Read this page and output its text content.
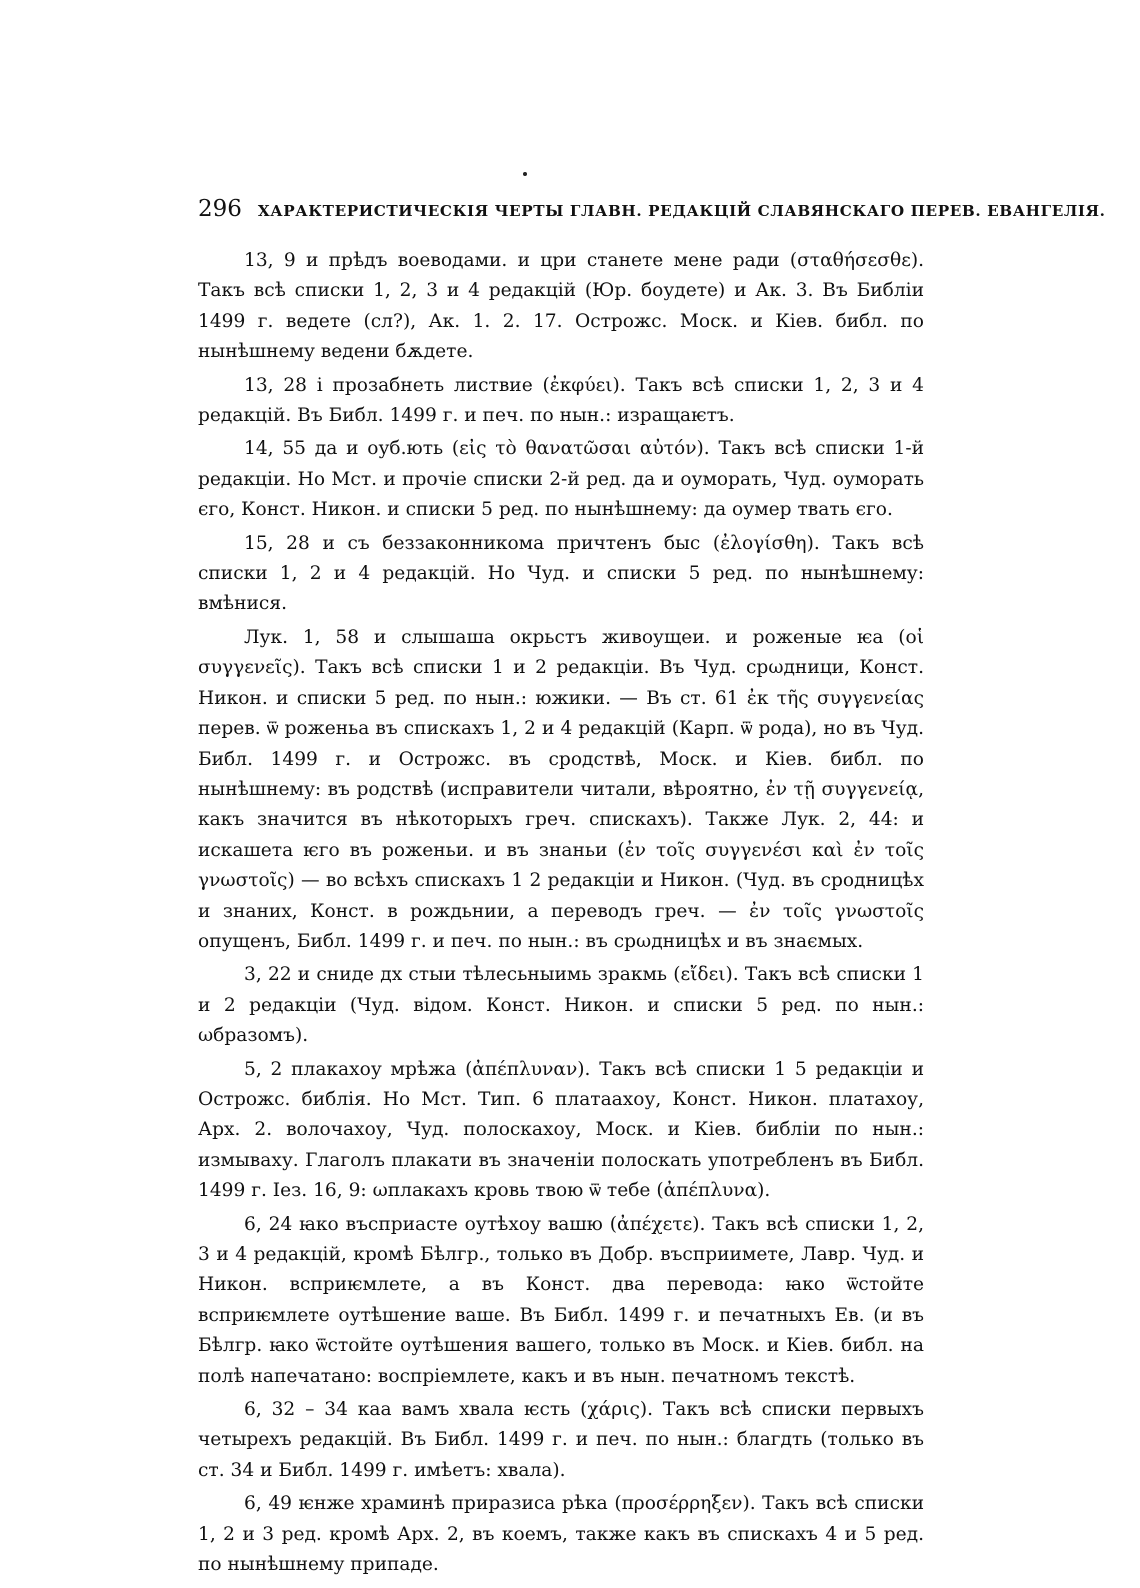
296 ХАРАКТЕРИСТИЧЕСКІЯ ЧЕРТЫ ГЛАВН. РЕДАКЦІЙ СЛАВЯНСКАГО ПЕРЕВ. ЕВАНГЕЛІЯ.

13, 9 и прѣдъ воеводами. и цри станете мене ради (σταθήσεσθε). Такъ всѣ списки 1, 2, 3 и 4 редакцій (Юр. боудете) и Ак. 3. Въ Библіи 1499 г. ведете (сл?), Ак. 1. 2. 17. Острожс. Моск. и Кіев. библ. по нынѣшнему ведени бѫдете.

13, 28 і прозабнеть листвие (ἐκφύει). Такъ всѣ списки 1, 2, 3 и 4 редакцій. Въ Библ. 1499 г. и печ. по нын.: изращаѥтъ.

14, 55 да и оуб.ють (εἰς τὸ θανατῶσαι αὐτόν). Такъ всѣ списки 1-й редакціи. Но Мст. и прочіе списки 2-й ред. да и оуморать, Чуд. оуморать єго, Конст. Никон. и списки 5 ред. по нынѣшнему: да оумер твать єго.

15, 28 и съ беззаконникома причтенъ быс (ἐλογίσθη). Такъ всѣ списки 1, 2 и 4 редакцій. Но Чуд. и списки 5 ред. по нынѣшнему: вмѣнися.

Лук. 1, 58 и слышаша окрьстъ живоущеи. и роженые ѥа (οἱ συγγενεῖς). Такъ всѣ списки 1 и 2 редакціи. Въ Чуд. срωдници, Конст. Никон. и списки 5 ред. по нын.: южики. — Въ ст. 61 ἐκ τῆς συγγενείας перев. ѿ роженьа въ спискахъ 1, 2 и 4 редакцій (Карп. ѿ рода), но въ Чуд. Библ. 1499 г. и Острожс. въ сродствѣ, Моск. и Кіев. библ. по нынѣшнему: въ родствѣ (исправители читали, вѣроятно, ἐν τῇ συγγενείᾳ, какъ значится въ нѣкоторыхъ греч. спискахъ). Также Лук. 2, 44: и искашета ѥго въ роженьи. и въ знаньи (ἐν τοῖς συγγενέσι καὶ ἐν τοῖς γνωστοῖς) — во всѣхъ спискахъ 1 2 редакціи и Никон. (Чуд. въ сродницѣх и знаних, Конст. в рождьнии, а переводъ греч. — ἐν τοῖς γνωστοῖς опущенъ, Библ. 1499 г. и печ. по нын.: въ срωдницѣх и въ знаємых.

3, 22 и сниде дх стыи тѣлесьныимь зракмь (εἴδει). Такъ всѣ списки 1 и 2 редакціи (Чуд. відом. Конст. Никон. и списки 5 ред. по нын.: ωбразомъ).

5, 2 плакахоу мрѣжа (ἀπέπλυναν). Такъ всѣ списки 1 5 редакціи и Острожс. библія. Но Мст. Тип. 6 платаахоу, Конст. Никон. платахоу, Арх. 2. волочахоу, Чуд. полоскахоу, Моск. и Кіев. библіи по нын.: измываху. Глаголъ плакати въ значеніи полоскать употребленъ въ Библ. 1499 г. Іез. 16, 9: ωплакахъ кровь твою ѿ тебе (ἀπέπλυνα).

6, 24 ꙗко въсприасте оутѣхоу вашю (ἀπέχετε). Такъ всѣ списки 1, 2, 3 и 4 редакцій, кромѣ Бѣлгр., только въ Добр. въсприимете, Лавр. Чуд. и Никон. всприѥмлете, а въ Конст. два перевода: ꙗко ѿстойте всприѥмлете оутѣшение ваше. Въ Библ. 1499 г. и печатныхъ Ев. (и въ Бѣлгр. ꙗко ѿстойте оутѣшения вашего, только въ Моск. и Кіев. библ. на полѣ напечатано: воспріемлете, какъ и въ нын. печатномъ текстѣ.

6, 32 – 34 каа вамъ хвала ѥсть (χάρις). Такъ всѣ списки первыхъ четырехъ редакцій. Въ Библ. 1499 г. и печ. по нын.: благдть (только въ ст. 34 и Библ. 1499 г. имѣетъ: хвала).

6, 49 ѥнже храминѣ приразиса рѣка (προσέρρηξεν). Такъ всѣ списки 1, 2 и 3 ред. кромѣ Арх. 2, въ коемъ, также какъ въ спискахъ 4 и 5 ред. по нынѣшнему припаде.
